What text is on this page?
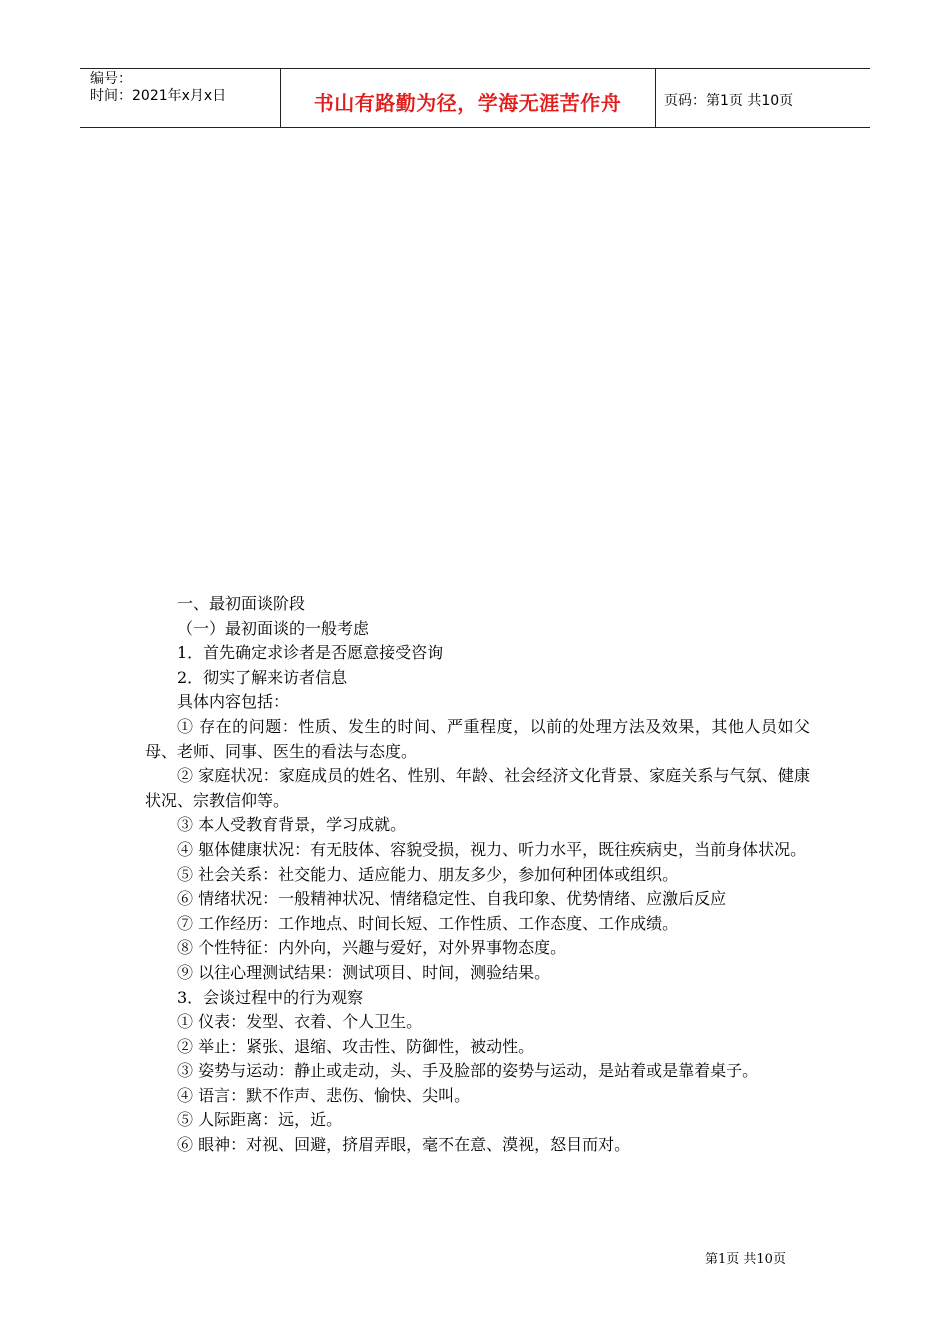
编号：
时间：2021年x月x日	书山有路勤为径，学海无涯苦作舟	页码：第1页 共10页

一、最初面谈阶段

（一）最初面谈的一般考虑

1．首先确定求诊者是否愿意接受咨询

2．彻实了解来访者信息

具体内容包括：

① 存在的问题：性质、发生的时间、严重程度，以前的处理方法及效果，其他人员如父母、老师、同事、医生的看法与态度。

② 家庭状况：家庭成员的姓名、性别、年龄、社会经济文化背景、家庭关系与气氛、健康状况、宗教信仰等。

③ 本人受教育背景，学习成就。

④ 躯体健康状况：有无肢体、容貌受损，视力、听力水平，既往疾病史，当前身体状况。

⑤ 社会关系：社交能力、适应能力、朋友多少，参加何种团体或组织。

⑥ 情绪状况：一般精神状况、情绪稳定性、自我印象、优势情绪、应激后反应

⑦ 工作经历：工作地点、时间长短、工作性质、工作态度、工作成绩。

⑧ 个性特征：内外向，兴趣与爱好，对外界事物态度。

⑨ 以往心理测试结果：测试项目、时间，测验结果。

3．会谈过程中的行为观察

① 仪表：发型、衣着、个人卫生。

② 举止：紧张、退缩、攻击性、防御性，被动性。

③ 姿势与运动：静止或走动，头、手及脸部的姿势与运动，是站着或是靠着桌子。

④ 语言：默不作声、悲伤、愉快、尖叫。

⑤ 人际距离：远，近。

⑥ 眼神：对视、回避，挤眉弄眼，毫不在意、漠视，怒目而对。

第1页 共10页
